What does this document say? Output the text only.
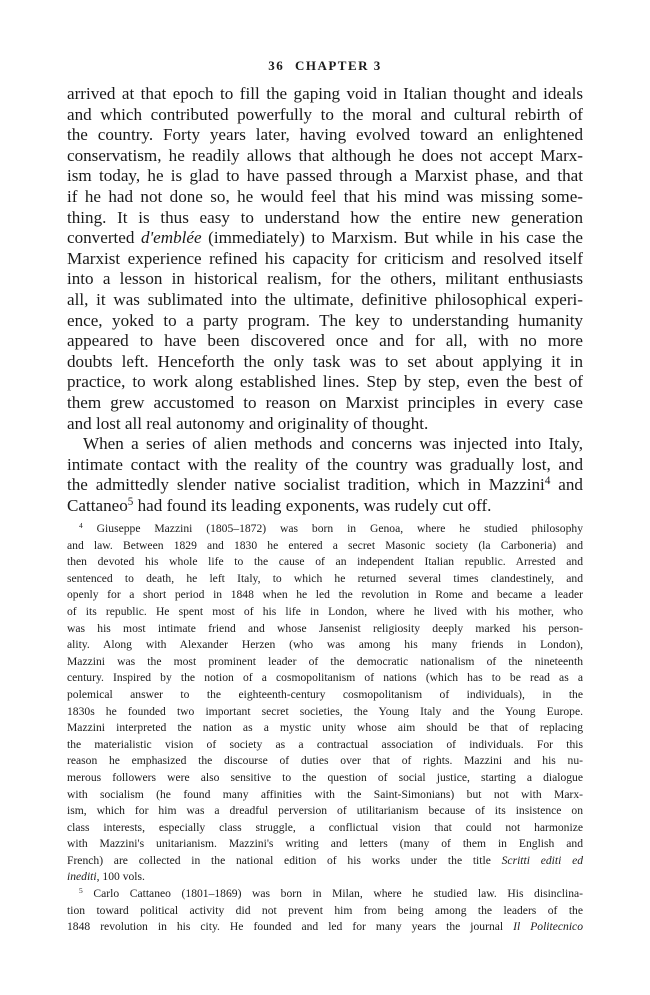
36 CHAPTER 3
arrived at that epoch to fill the gaping void in Italian thought and ideals
and which contributed powerfully to the moral and cultural rebirth of
the country. Forty years later, having evolved toward an enlightened
conservatism, he readily allows that although he does not accept Marx-
ism today, he is glad to have passed through a Marxist phase, and that
if he had not done so, he would feel that his mind was missing some-
thing. It is thus easy to understand how the entire new generation
converted d'emblée (immediately) to Marxism. But while in his case the
Marxist experience refined his capacity for criticism and resolved itself
into a lesson in historical realism, for the others, militant enthusiasts
all, it was sublimated into the ultimate, definitive philosophical experi-
ence, yoked to a party program. The key to understanding humanity
appeared to have been discovered once and for all, with no more
doubts left. Henceforth the only task was to set about applying it in
practice, to work along established lines. Step by step, even the best of
them grew accustomed to reason on Marxist principles in every case
and lost all real autonomy and originality of thought.
When a series of alien methods and concerns was injected into Italy,
intimate contact with the reality of the country was gradually lost, and
the admittedly slender native socialist tradition, which in Mazzini$^4$ and
Cattaneo$^5$ had found its leading exponents, was rudely cut off.
$^4$ Giuseppe Mazzini (1805–1872) was born in Genoa, where he studied philosophy
and law. Between 1829 and 1830 he entered a secret Masonic society (la Carboneria) and
then devoted his whole life to the cause of an independent Italian republic. Arrested and
sentenced to death, he left Italy, to which he returned several times clandestinely, and
openly for a short period in 1848 when he led the revolution in Rome and became a leader
of its republic. He spent most of his life in London, where he lived with his mother, who
was his most intimate friend and whose Jansenist religiosity deeply marked his person-
ality. Along with Alexander Herzen (who was among his many friends in London),
Mazzini was the most prominent leader of the democratic nationalism of the nineteenth
century. Inspired by the notion of a cosmopolitanism of nations (which has to be read as a
polemical answer to the eighteenth-century cosmopolitanism of individuals), in the
1830s he founded two important secret societies, the Young Italy and the Young Europe.
Mazzini interpreted the nation as a mystic unity whose aim should be that of replacing
the materialistic vision of society as a contractual association of individuals. For this
reason he emphasized the discourse of duties over that of rights. Mazzini and his nu-
merous followers were also sensitive to the question of social justice, starting a dialogue
with socialism (he found many affinities with the Saint-Simonians) but not with Marx-
ism, which for him was a dreadful perversion of utilitarianism because of its insistence on
class interests, especially class struggle, a conflictual vision that could not harmonize
with Mazzini's unitarianism. Mazzini's writing and letters (many of them in English and
French) are collected in the national edition of his works under the title Scritti editi ed
inediti, 100 vols.
$^5$ Carlo Cattaneo (1801–1869) was born in Milan, where he studied law. His disinclina-
tion toward political activity did not prevent him from being among the leaders of the
1848 revolution in his city. He founded and led for many years the journal Il Politecnico
